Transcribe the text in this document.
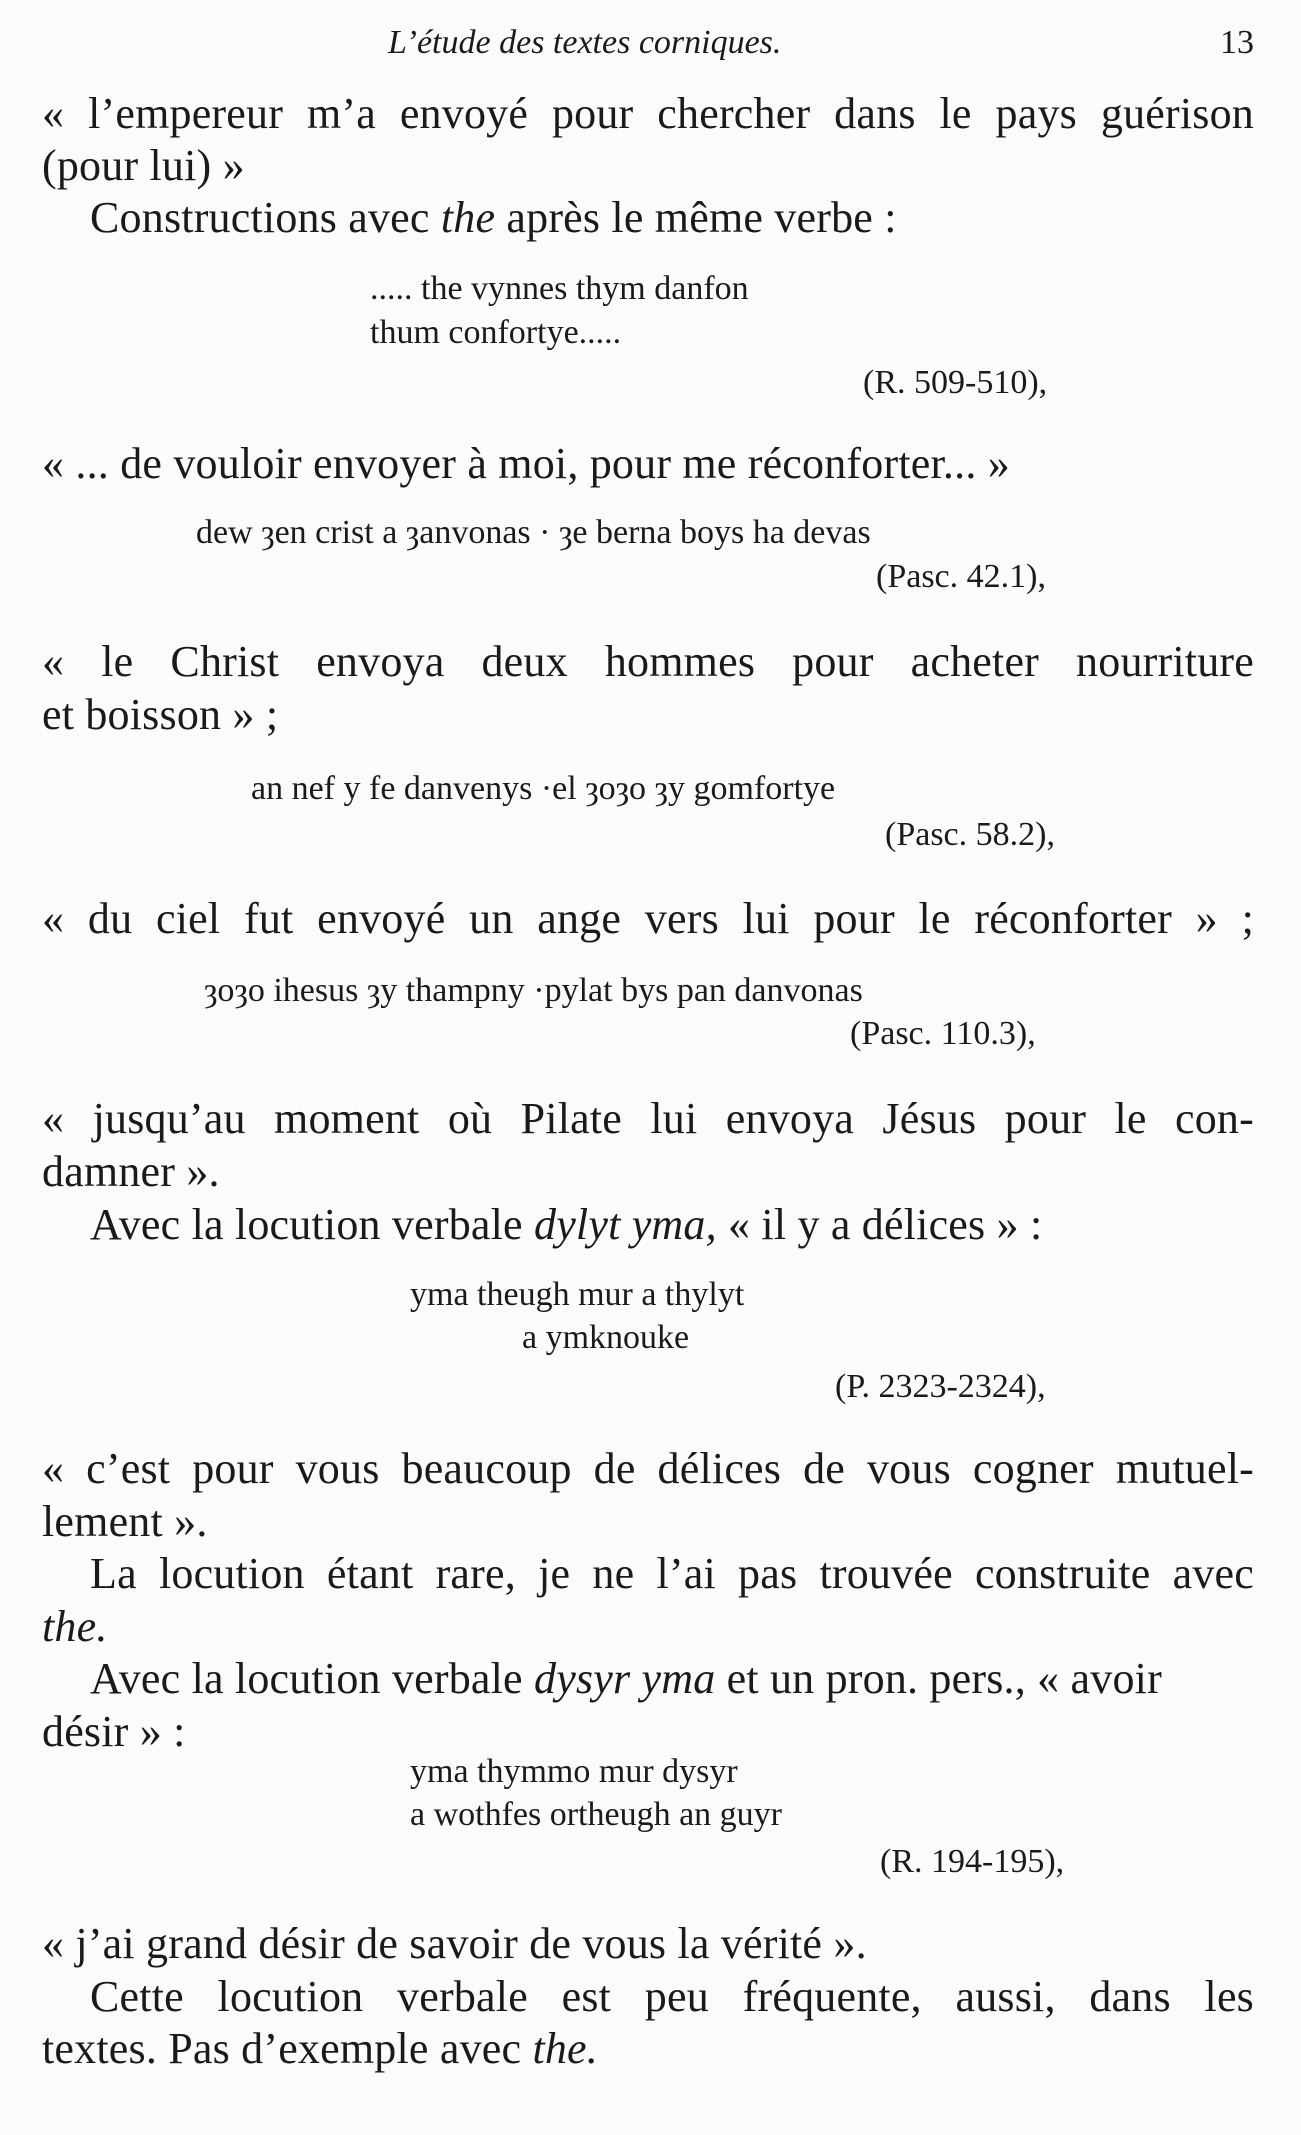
L’étude des textes corniques.	13
« l’empereur m’a envoyé pour chercher dans le pays guérison
(pour lui) »
Constructions avec the après le même verbe :
..... the vynnes thym danfon
thum confortye.....
(R. 509-510),
« ... de vouloir envoyer à moi, pour me réconforter... »
dew ȝen crist a ȝanvonas · ȝe berna boys ha devas
(Pasc. 42.1),
« le Christ envoya deux hommes pour acheter nourriture
et boisson » ;
an nef y fe danvenys ·el ȝoȝo ȝy gomfortye
(Pasc. 58.2),
« du ciel fut envoyé un ange vers lui pour le réconforter » ;
ȝoȝo ihesus ȝy thampny ·pylat bys pan danvonas
(Pasc. 110.3),
« jusqu’au moment où Pilate lui envoya Jésus pour le con-
damner ».
Avec la locution verbale dylyt yma, « il y a délices » :
yma theugh mur a thylyt
a ymknouke
(P. 2323-2324),
« c’est pour vous beaucoup de délices de vous cogner mutuel-
lement ».
La locution étant rare, je ne l’ai pas trouvée construite avec
the.
Avec la locution verbale dysyr yma et un pron. pers., « avoir
désir » :
yma thymmo mur dysyr
a wothfes ortheugh an guyr
(R. 194-195),
« j’ai grand désir de savoir de vous la vérité ».
Cette locution verbale est peu fréquente, aussi, dans les
textes. Pas d’exemple avec the.
